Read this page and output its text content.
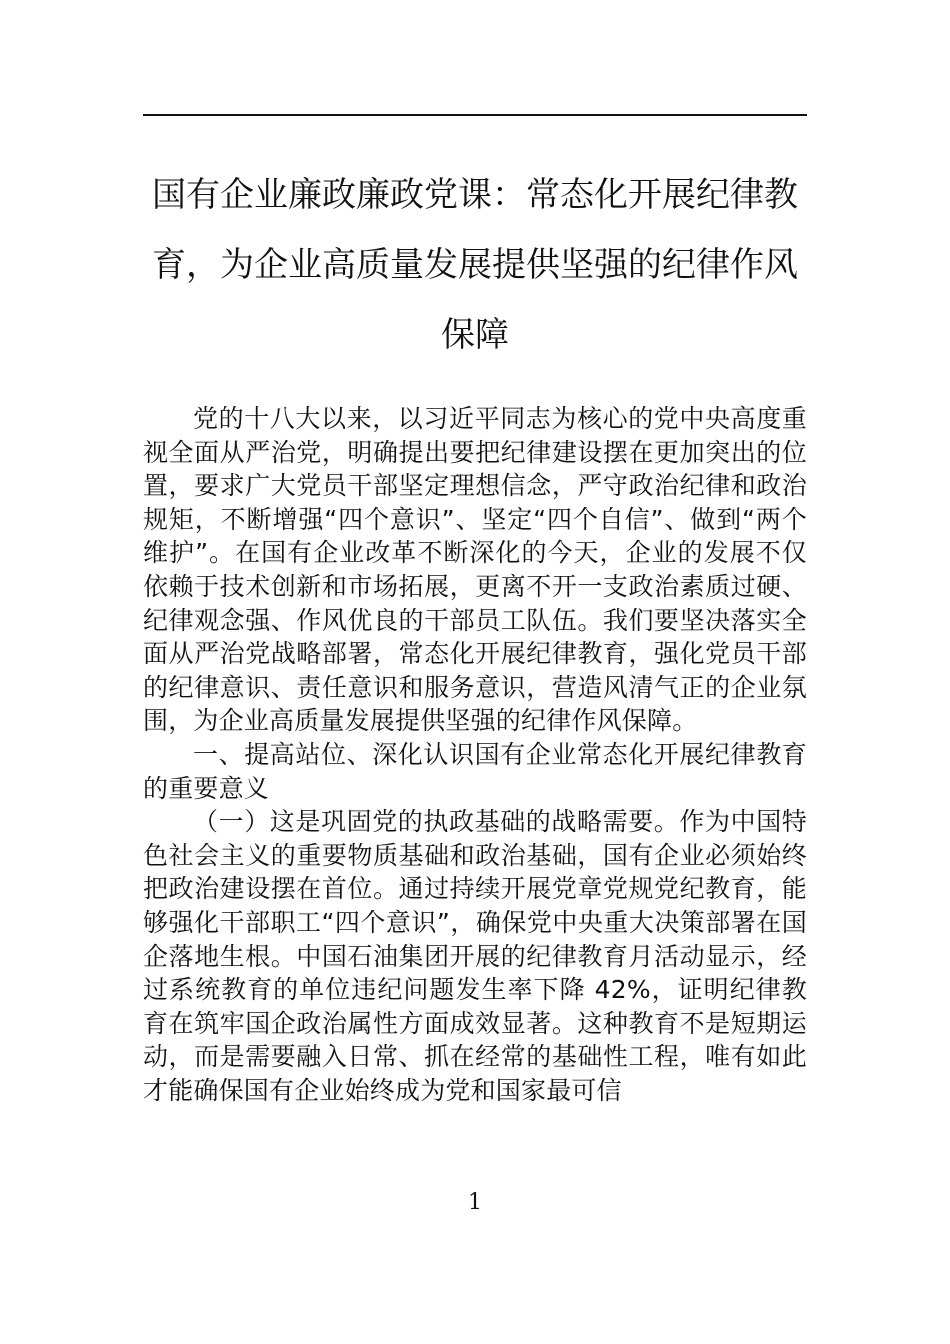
国有企业廉政廉政党课：常态化开展纪律教育，为企业高质量发展提供坚强的纪律作风保障

党的十八大以来，以习近平同志为核心的党中央高度重视全面从严治党，明确提出要把纪律建设摆在更加突出的位置，要求广大党员干部坚定理想信念，严守政治纪律和政治规矩，不断增强“四个意识”、坚定“四个自信”、做到“两个维护”。在国有企业改革不断深化的今天，企业的发展不仅依赖于技术创新和市场拓展，更离不开一支政治素质过硬、纪律观念强、作风优良的干部员工队伍。我们要坚决落实全面从严治党战略部署，常态化开展纪律教育，强化党员干部的纪律意识、责任意识和服务意识，营造风清气正的企业氛围，为企业高质量发展提供坚强的纪律作风保障。

一、提高站位、深化认识国有企业常态化开展纪律教育的重要意义

（一）这是巩固党的执政基础的战略需要。作为中国特色社会主义的重要物质基础和政治基础，国有企业必须始终把政治建设摆在首位。通过持续开展党章党规党纪教育，能够强化干部职工“四个意识”，确保党中央重大决策部署在国企落地生根。中国石油集团开展的纪律教育月活动显示，经过系统教育的单位违纪问题发生率下降 42%，证明纪律教育在筑牢国企政治属性方面成效显著。这种教育不是短期运动，而是需要融入日常、抓在经常的基础性工程，唯有如此才能确保国有企业始终成为党和国家最可信

1
